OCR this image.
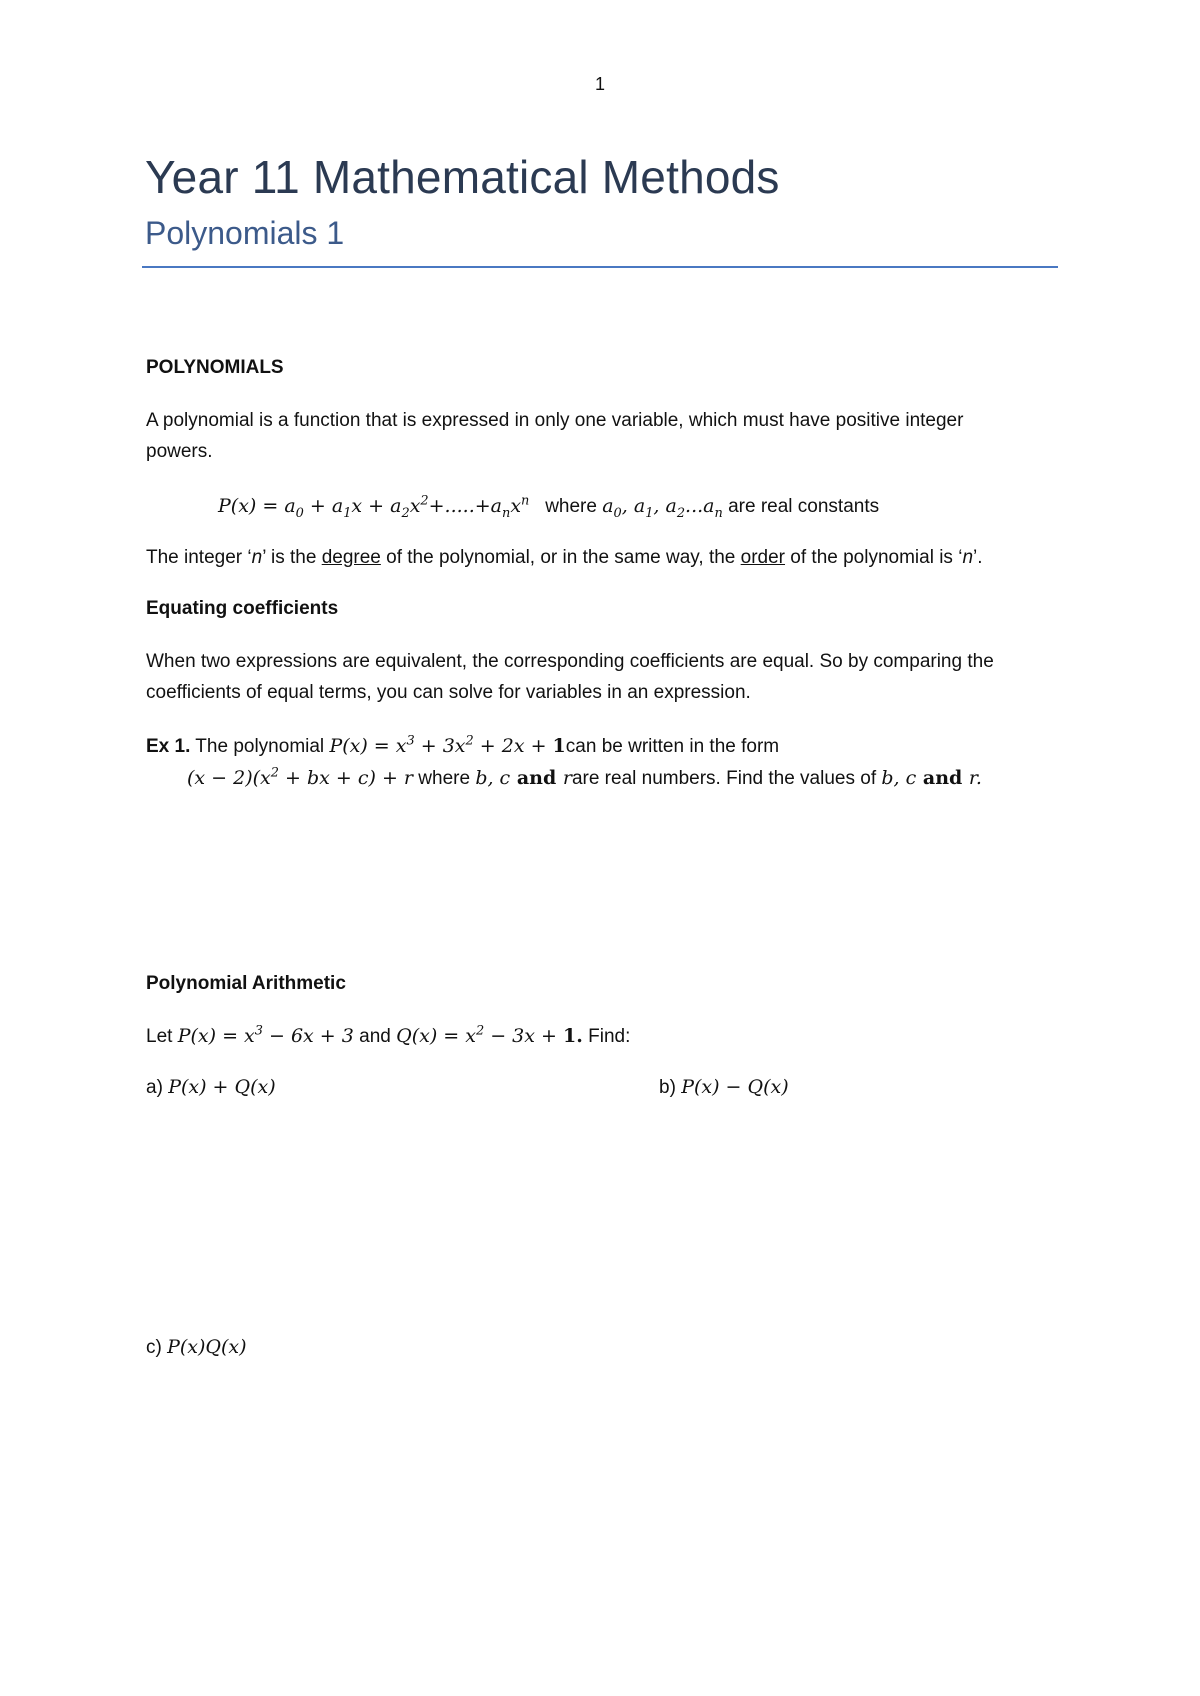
1
Year 11 Mathematical Methods
Polynomials 1
POLYNOMIALS
A polynomial is a function that is expressed in only one variable, which must have positive integer
powers.
$P(x) = a_0 + a_1x + a_2x^2+.....+a_nx^n$ where $a_0$, $a_1$, $a_2...a_n$ are real constants
The integer ‘n’ is the degree of the polynomial, or in the same way, the order of the polynomial is ‘n’.
Equating coefficients
When two expressions are equivalent, the corresponding coefficients are equal. So by comparing the
coefficients of equal terms, you can solve for variables in an expression.
Ex 1. The polynomial $P(x) = x^3 + 3x^2 + 2x + 1can$ be written in the form
$(x - 2)(x^2$ + bx + c) + r where b, c and rare real numbers. Find the values of b, c and r.
Polynomial Arithmetic
Let $P(x) = x^3 - 6x + 3$ and $Q(x) = x^2 - 3x + 1$. Find:
a) P(x) + Q(x)	b) P(x) − Q(x)
c) P(x)Q(x)
